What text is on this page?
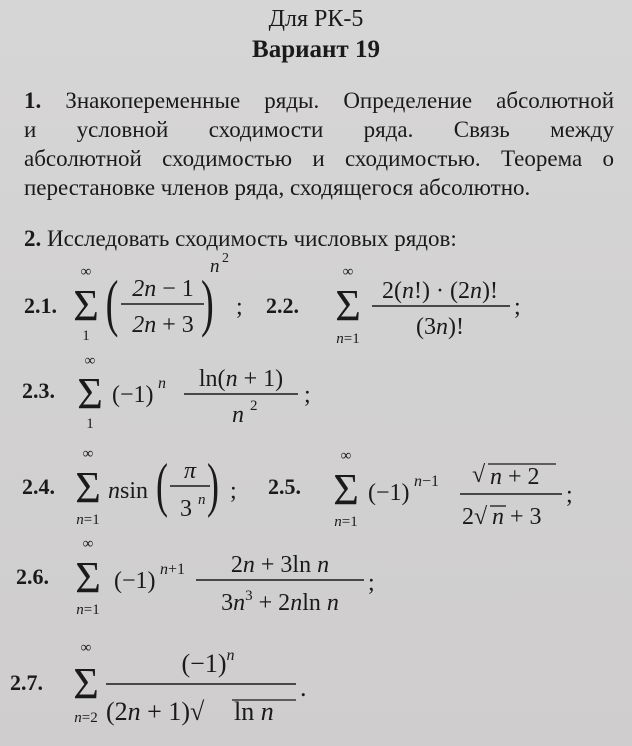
Для РК-5
Вариант 19
1. Знакопеременные ряды. Определение абсолютной
и условной сходимости ряда. Связь между
абсолютной сходимостью и сходимостью. Теорема о
перестановке членов ряда, сходящегося абсолютно.
2. Исследовать сходимость числовых рядов:
2.1.
∞
Σ
1 ( 2n − 1
2n + 3 )
n 2
; 2.2.
∞
Σ
n=1
2(n!) · (2n)!
(3n)!
;
2.3.
∞
Σ
1
(−1) n ln(n + 1)
n 2 ;
2.4.
∞
Σ
n=1
nsin ( π
3 n ) ; 2.5.
∞
Σ
n=1
(−1) n−1 √ n + 2
2√ n + 3
;
2.6.
∞
Σ
n=1
(−1) n+1 2n + 3ln n
$3n^3 + 2nln$ n
;
2.7.
∞
Σ
n=2
$(-1)^n$
(2n + 1)√ ln n
.
